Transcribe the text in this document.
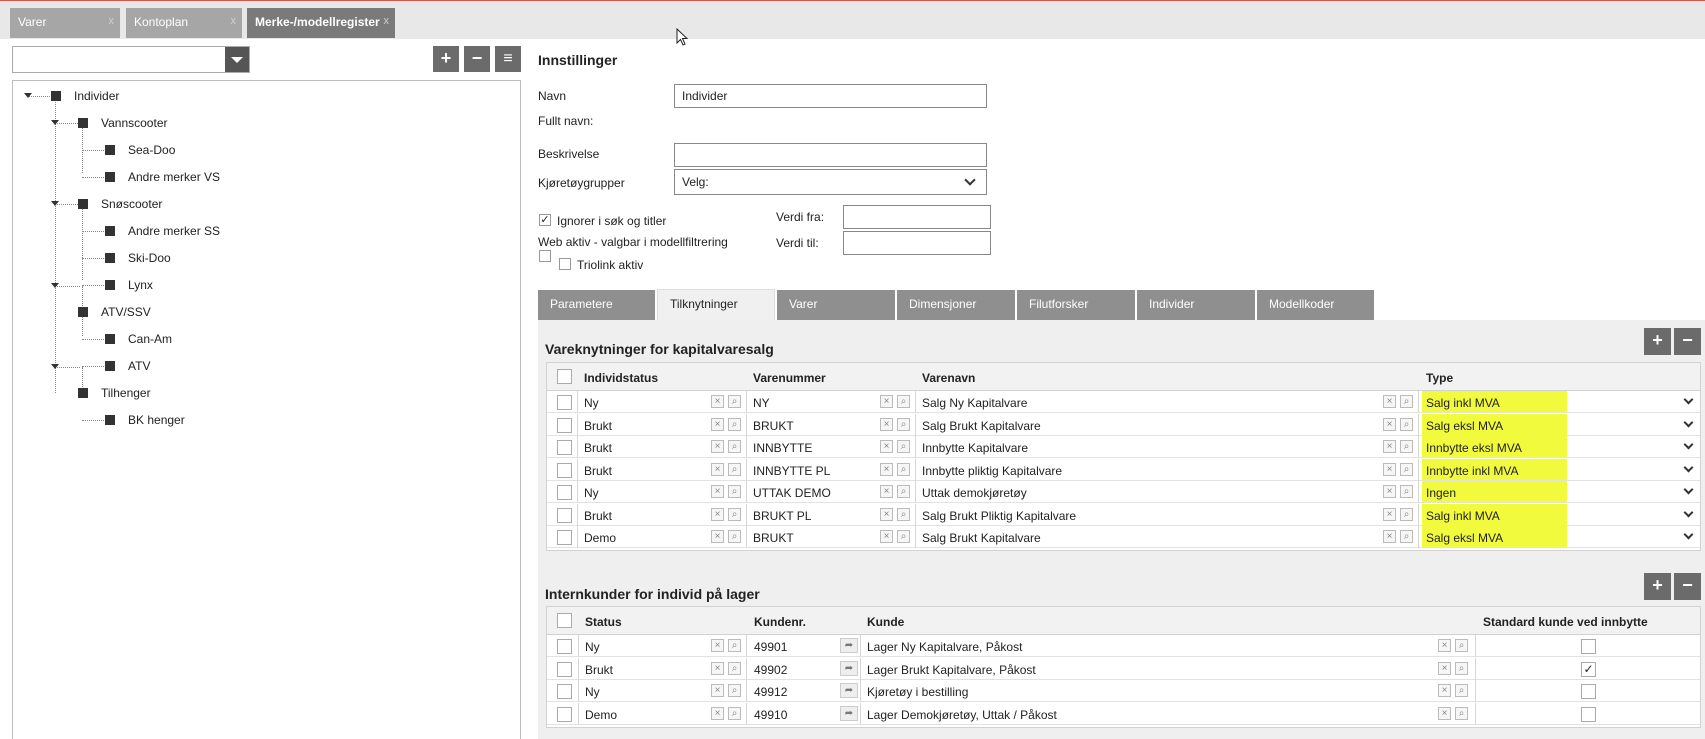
Varer	x	Kontoplan	x	Merke-/modellregister x
+	−	≡
Individer
Vannscooter
Sea-Doo
Andre merker VS
Snøscooter
Andre merker SS
Ski-Doo
Lynx
ATV/SSV
Can-Am
ATV
Tilhenger
BK henger
Innstillinger
Navn	Individer
Fullt navn:
Beskrivelse
Kjøretøygrupper	Velg:
✓ Ignorer i søk og titler
Web aktiv - valgbar i modellfiltrering
Triolink aktiv
Verdi fra:
Verdi til:
Parametere	Tilknytninger	Varer	Dimensjoner	Filutforsker	Individer	Modellkoder
Vareknytninger for kapitalvaresalg	+	−
Individstatus	Varenummer	Varenavn	Type
Ny	×	⌕	NY	×	⌕	Salg Ny Kapitalvare	×	⌕	Salg inkl MVA
Brukt	×	⌕	BRUKT	×	⌕	Salg Brukt Kapitalvare	×	⌕	Salg eksl MVA
Brukt	×	⌕	INNBYTTE	×	⌕	Innbytte Kapitalvare	×	⌕	Innbytte eksl MVA
Brukt	×	⌕	INNBYTTE PL	×	⌕	Innbytte pliktig Kapitalvare	×	⌕	Innbytte inkl MVA
Ny	×	⌕	UTTAK DEMO	×	⌕	Uttak demokjøretøy	×	⌕	Ingen
Brukt	×	⌕	BRUKT PL	×	⌕	Salg Brukt Pliktig Kapitalvare	×	⌕	Salg inkl MVA
Demo	×	⌕	BRUKT	×	⌕	Salg Brukt Kapitalvare	×	⌕	Salg eksl MVA
Internkunder for individ på lager	+	−
Status	Kundenr.	Kunde	Standard kunde ved innbytte
Ny	×	⌕	49901	➦	Lager Ny Kapitalvare, Påkost	×	⌕
Brukt	×	⌕	49902	➦	Lager Brukt Kapitalvare, Påkost	×	⌕	✓
Ny	×	⌕	49912	➦	Kjøretøy i bestilling	×	⌕
Demo	×	⌕	49910	➦	Lager Demokjøretøy, Uttak / Påkost	×	⌕
